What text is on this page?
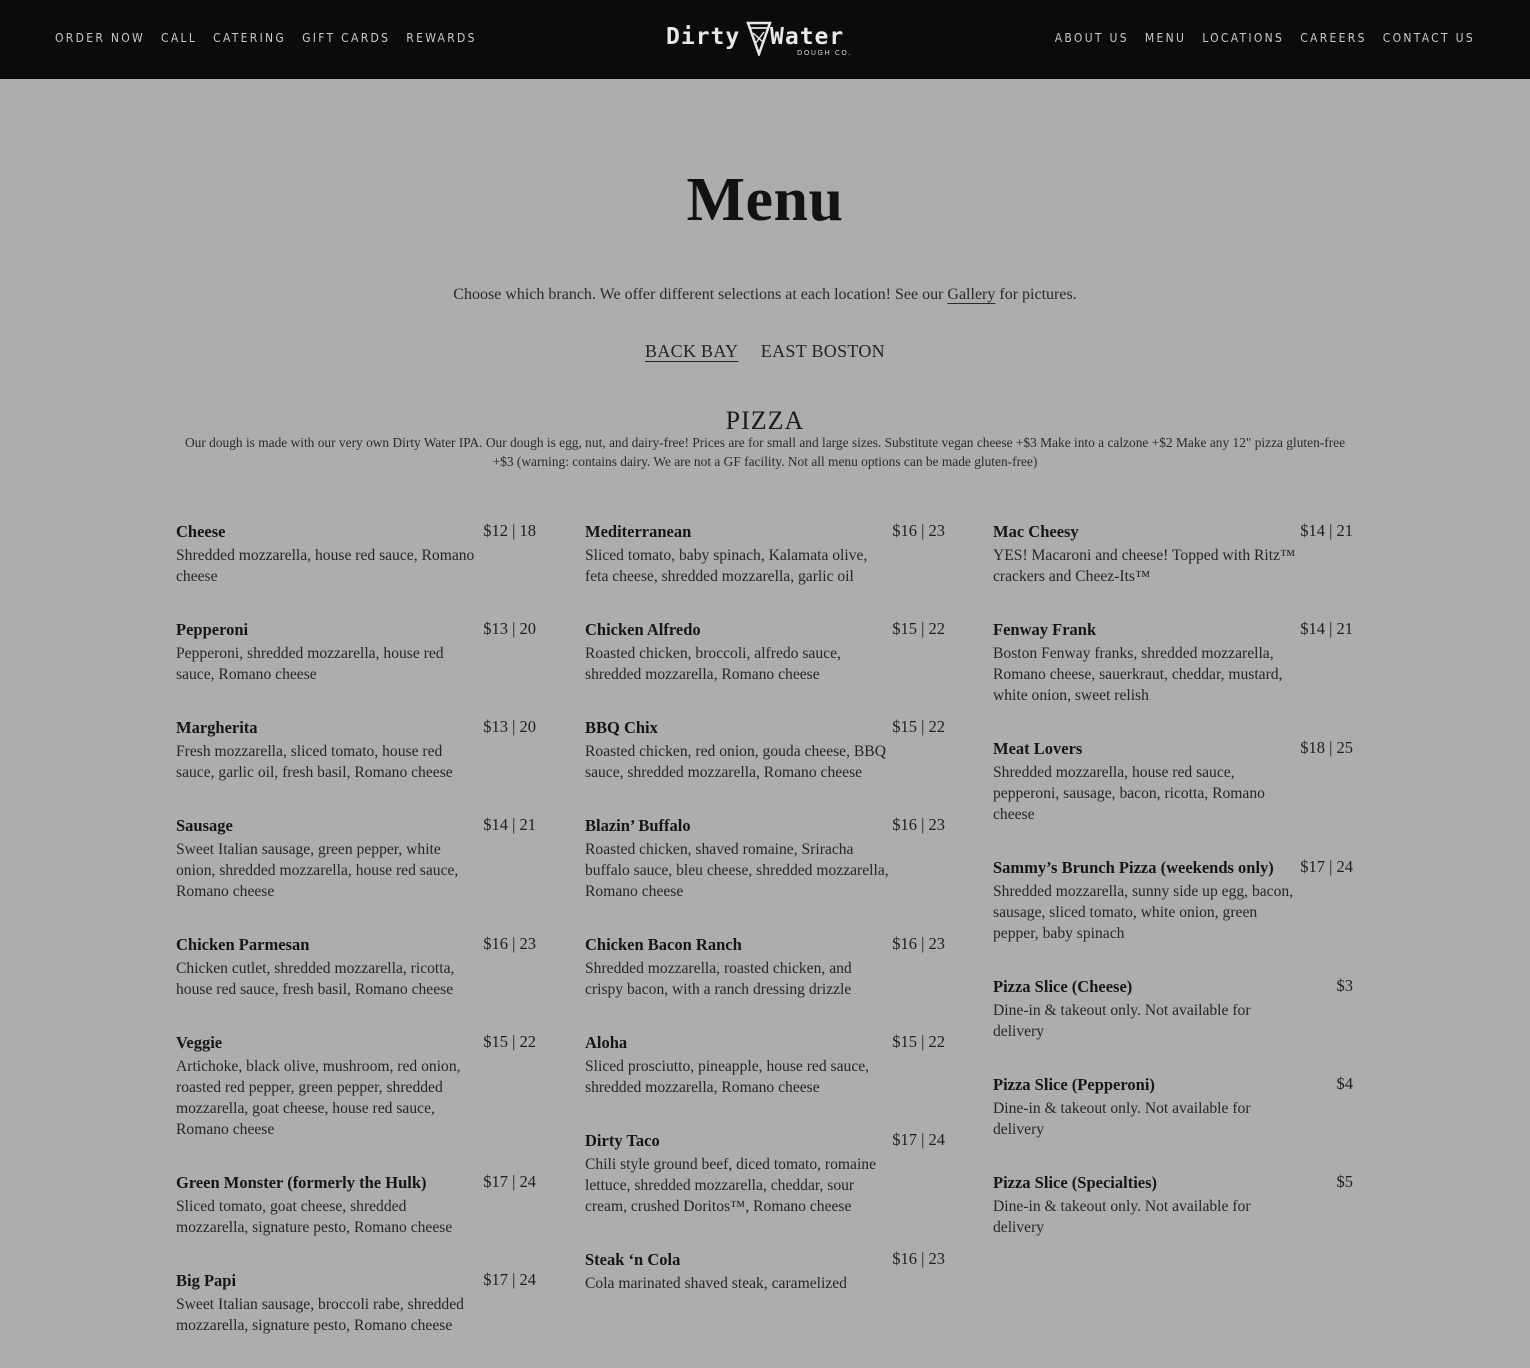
ORDER NOW CALL CATERING GIFT CARDS REWARDS	Dirty Water
DOUGH CO.
ABOUT US MENU LOCATIONS CAREERS CONTACT US
Menu
Choose which branch. We offer different selections at each location! See our Gallery for pictures.
BACK BAY EAST BOSTON
PIZZA
Our dough is made with our very own Dirty Water IPA. Our dough is egg, nut, and dairy-free! Prices are for small and large sizes. Substitute vegan cheese +$3 Make into a calzone +$2 Make any 12" pizza gluten-free +$3 (warning: contains dairy. We are not a GF facility. Not all menu options can be made gluten-free)
$12 | 18
Cheese
Shredded mozzarella, house red sauce, Romano cheese
$13 | 20
Pepperoni
Pepperoni, shredded mozzarella, house red sauce, Romano cheese
$13 | 20
Margherita
Fresh mozzarella, sliced tomato, house red sauce, garlic oil, fresh basil, Romano cheese
$14 | 21
Sausage
Sweet Italian sausage, green pepper, white onion, shredded mozzarella, house red sauce, Romano cheese
$16 | 23
Chicken Parmesan
Chicken cutlet, shredded mozzarella, ricotta, house red sauce, fresh basil, Romano cheese
$15 | 22
Veggie
Artichoke, black olive, mushroom, red onion, roasted red pepper, green pepper, shredded mozzarella, goat cheese, house red sauce, Romano cheese
$17 | 24
Green Monster (formerly the Hulk)
Sliced tomato, goat cheese, shredded mozzarella, signature pesto, Romano cheese
$17 | 24
Big Papi
Sweet Italian sausage, broccoli rabe, shredded mozzarella, signature pesto, Romano cheese
$16 | 23
Mediterranean
Sliced tomato, baby spinach, Kalamata olive, feta cheese, shredded mozzarella, garlic oil
$15 | 22
Chicken Alfredo
Roasted chicken, broccoli, alfredo sauce, shredded mozzarella, Romano cheese
$15 | 22
BBQ Chix
Roasted chicken, red onion, gouda cheese, BBQ sauce, shredded mozzarella, Romano cheese
$16 | 23
Blazin’ Buffalo
Roasted chicken, shaved romaine, Sriracha buffalo sauce, bleu cheese, shredded mozzarella, Romano cheese
$16 | 23
Chicken Bacon Ranch
Shredded mozzarella, roasted chicken, and crispy bacon, with a ranch dressing drizzle
$15 | 22
Aloha
Sliced prosciutto, pineapple, house red sauce, shredded mozzarella, Romano cheese
$17 | 24
Dirty Taco
Chili style ground beef, diced tomato, romaine lettuce, shredded mozzarella, cheddar, sour cream, crushed Doritos™, Romano cheese
$16 | 23
Steak ‘n Cola
Cola marinated shaved steak, caramelized
$14 | 21
Mac Cheesy
YES! Macaroni and cheese! Topped with Ritz™ crackers and Cheez-Its™
$14 | 21
Fenway Frank
Boston Fenway franks, shredded mozzarella, Romano cheese, sauerkraut, cheddar, mustard, white onion, sweet relish
$18 | 25
Meat Lovers
Shredded mozzarella, house red sauce, pepperoni, sausage, bacon, ricotta, Romano cheese
$17 | 24
Sammy’s Brunch Pizza (weekends only)
Shredded mozzarella, sunny side up egg, bacon, sausage, sliced tomato, white onion, green pepper, baby spinach
$3
Pizza Slice (Cheese)
Dine-in & takeout only. Not available for delivery
$4
Pizza Slice (Pepperoni)
Dine-in & takeout only. Not available for delivery
$5
Pizza Slice (Specialties)
Dine-in & takeout only. Not available for delivery
